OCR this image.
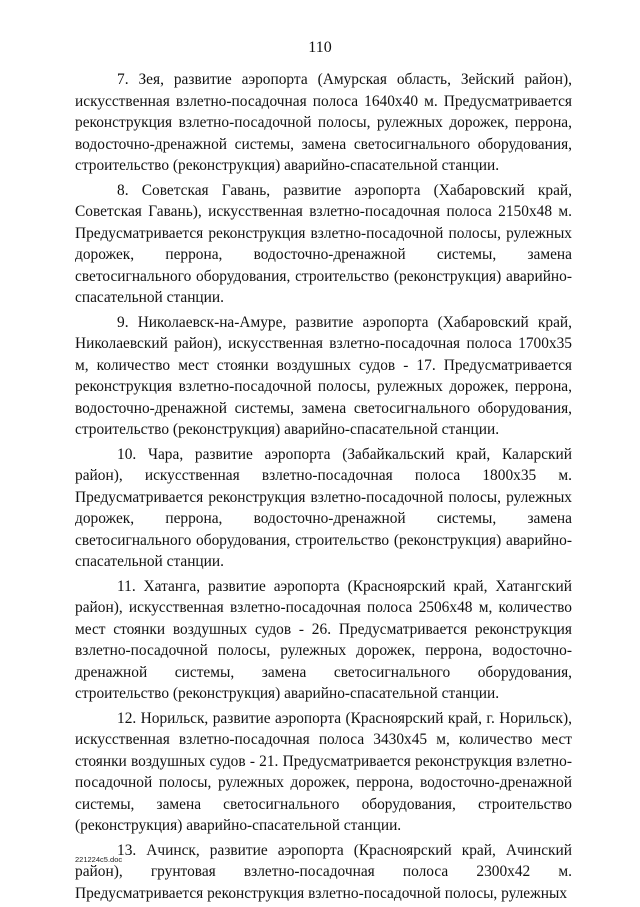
110

7. Зея, развитие аэропорта (Амурская область, Зейский район), искусственная взлетно-посадочная полоса 1640x40 м. Предусматривается реконструкция взлетно-посадочной полосы, рулежных дорожек, перрона, водосточно-дренажной системы, замена светосигнального оборудования, строительство (реконструкция) аварийно-спасательной станции.

8. Советская Гавань, развитие аэропорта (Хабаровский край, Советская Гавань), искусственная взлетно-посадочная полоса 2150x48 м. Предусматривается реконструкция взлетно-посадочной полосы, рулежных дорожек, перрона, водосточно-дренажной системы, замена светосигнального оборудования, строительство (реконструкция) аварийно-спасательной станции.

9. Николаевск-на-Амуре, развитие аэропорта (Хабаровский край, Николаевский район), искусственная взлетно-посадочная полоса 1700x35 м, количество мест стоянки воздушных судов - 17. Предусматривается реконструкция взлетно-посадочной полосы, рулежных дорожек, перрона, водосточно-дренажной системы, замена светосигнального оборудования, строительство (реконструкция) аварийно-спасательной станции.

10. Чара, развитие аэропорта (Забайкальский край, Каларский район), искусственная взлетно-посадочная полоса 1800x35 м. Предусматривается реконструкция взлетно-посадочной полосы, рулежных дорожек, перрона, водосточно-дренажной системы, замена светосигнального оборудования, строительство (реконструкция) аварийно-спасательной станции.

11. Хатанга, развитие аэропорта (Красноярский край, Хатангский район), искусственная взлетно-посадочная полоса 2506x48 м, количество мест стоянки воздушных судов - 26. Предусматривается реконструкция взлетно-посадочной полосы, рулежных дорожек, перрона, водосточно-дренажной системы, замена светосигнального оборудования, строительство (реконструкция) аварийно-спасательной станции.

12. Норильск, развитие аэропорта (Красноярский край, г. Норильск), искусственная взлетно-посадочная полоса 3430x45 м, количество мест стоянки воздушных судов - 21. Предусматривается реконструкция взлетно-посадочной полосы, рулежных дорожек, перрона, водосточно-дренажной системы, замена светосигнального оборудования, строительство (реконструкция) аварийно-спасательной станции.

13. Ачинск, развитие аэропорта (Красноярский край, Ачинский район), грунтовая взлетно-посадочная полоса 2300x42 м. Предусматривается реконструкция взлетно-посадочной полосы, рулежных

221224c5.doc
